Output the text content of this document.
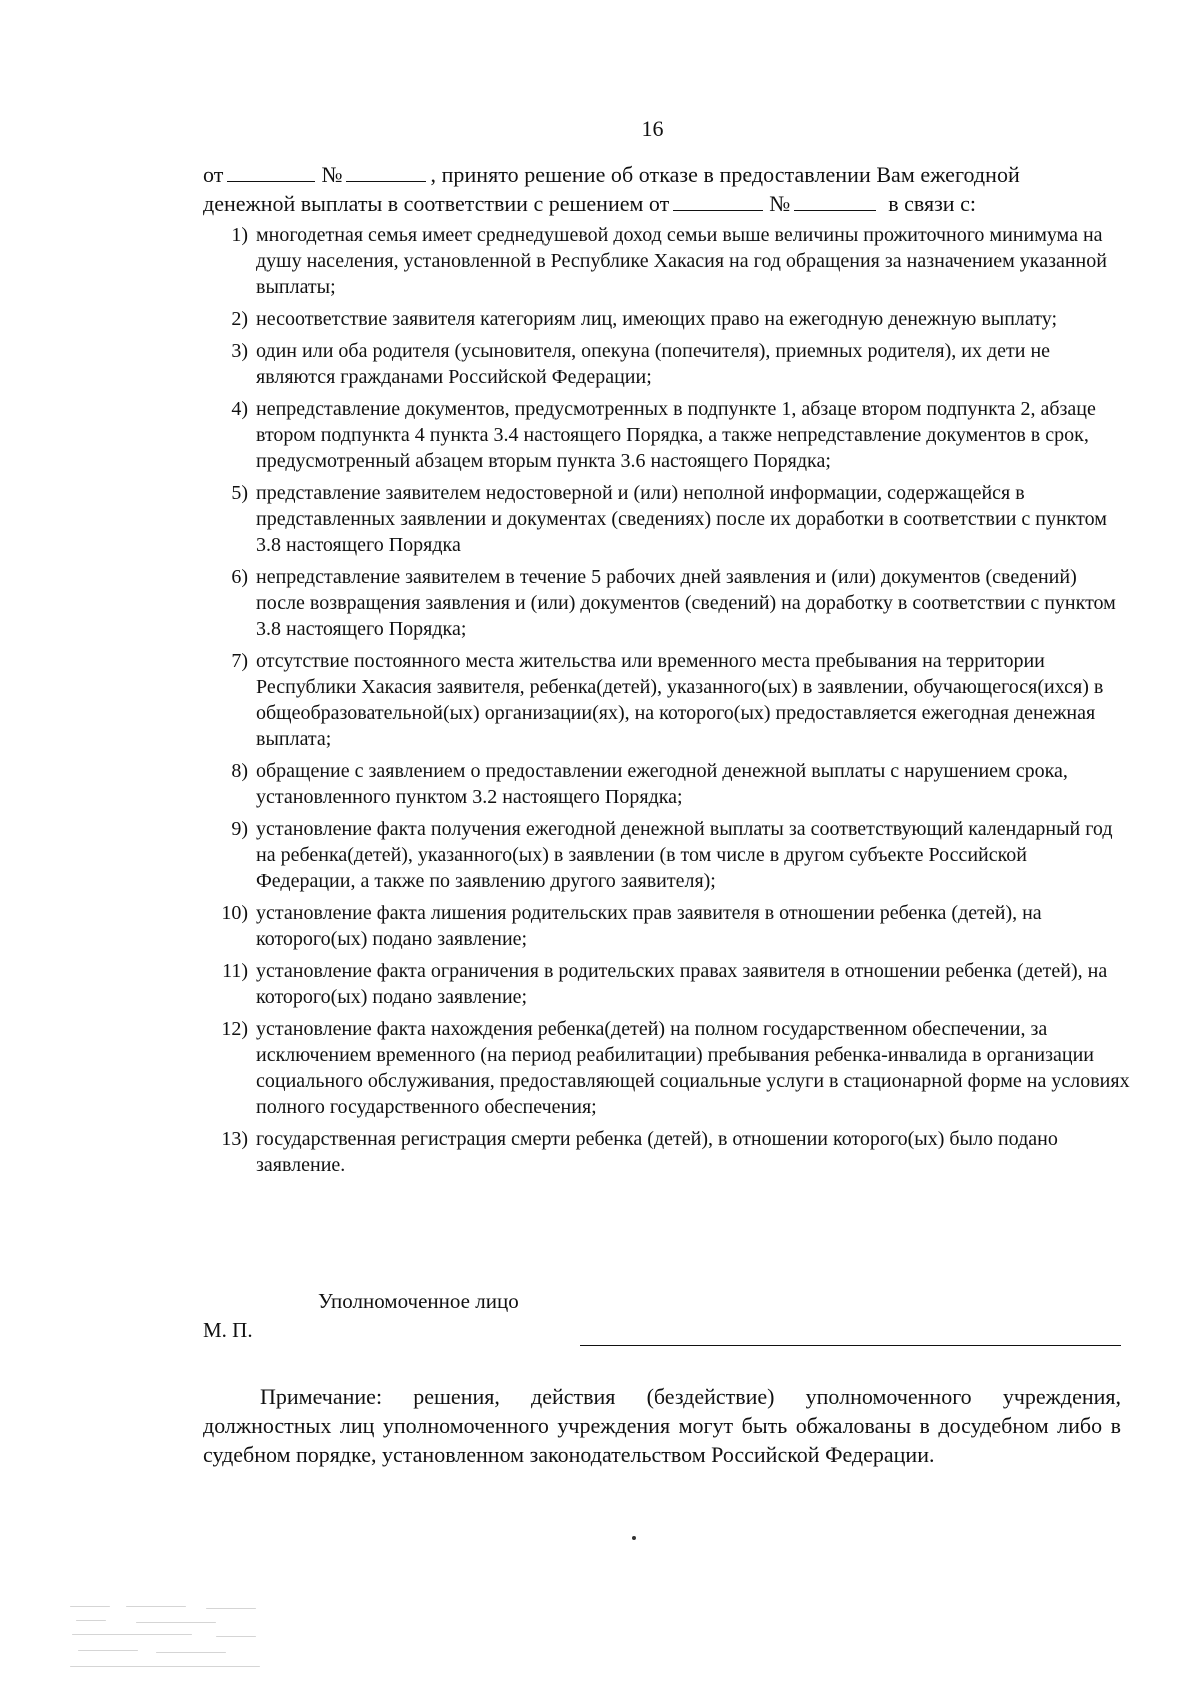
16
от	№	, принято решение об отказе в предоставлении Вам ежегодной
денежной выплаты в соответствии с решением от	№	в связи с:
1) многодетная семья имеет среднедушевой доход семьи выше величины прожиточного минимума на душу населения, установленной в Республике Хакасия на год обращения за назначением указанной выплаты;
2) несоответствие заявителя категориям лиц, имеющих право на ежегодную денежную выплату;
3) один или оба родителя (усыновителя, опекуна (попечителя), приемных родителя), их дети не являются гражданами Российской Федерации;
4) непредставление документов, предусмотренных в подпункте 1, абзаце втором подпункта 2, абзаце втором подпункта 4 пункта 3.4 настоящего Порядка, а также непредставление документов в срок, предусмотренный абзацем вторым пункта 3.6 настоящего Порядка;
5) представление заявителем недостоверной и (или) неполной информации, содержащейся в представленных заявлении и документах (сведениях) после их доработки в соответствии с пунктом 3.8 настоящего Порядка
6) непредставление заявителем в течение 5 рабочих дней заявления и (или) документов (сведений) после возвращения заявления и (или) документов (сведений) на доработку в соответствии с пунктом 3.8 настоящего Порядка;
7) отсутствие постоянного места жительства или временного места пребывания на территории Республики Хакасия заявителя, ребенка(детей), указанного(ых) в заявлении, обучающегося(ихся) в общеобразовательной(ых) организации(ях), на которого(ых) предоставляется ежегодная денежная выплата;
8) обращение с заявлением о предоставлении ежегодной денежной выплаты с нарушением срока, установленного пунктом 3.2 настоящего Порядка;
9) установление факта получения ежегодной денежной выплаты за соответствующий календарный год на ребенка(детей), указанного(ых) в заявлении (в том числе в другом субъекте Российской Федерации, а также по заявлению другого заявителя);
10) установление факта лишения родительских прав заявителя в отношении ребенка (детей), на которого(ых) подано заявление;
11) установление факта ограничения в родительских правах заявителя в отношении ребенка (детей), на которого(ых) подано заявление;
12) установление факта нахождения ребенка(детей) на полном государственном обеспечении, за исключением временного (на период реабилитации) пребывания ребенка-инвалида в организации социального обслуживания, предоставляющей социальные услуги в стационарной форме на условиях полного государственного обеспечения;
13) государственная регистрация смерти ребенка (детей), в отношении которого(ых) было подано заявление.
Уполномоченное лицо
М. П.
Примечание: решения, действия (бездействие) уполномоченного учреждения, должностных лиц уполномоченного учреждения могут быть обжалованы в досудебном либо в судебном порядке, установленном законодательством Российской Федерации.
